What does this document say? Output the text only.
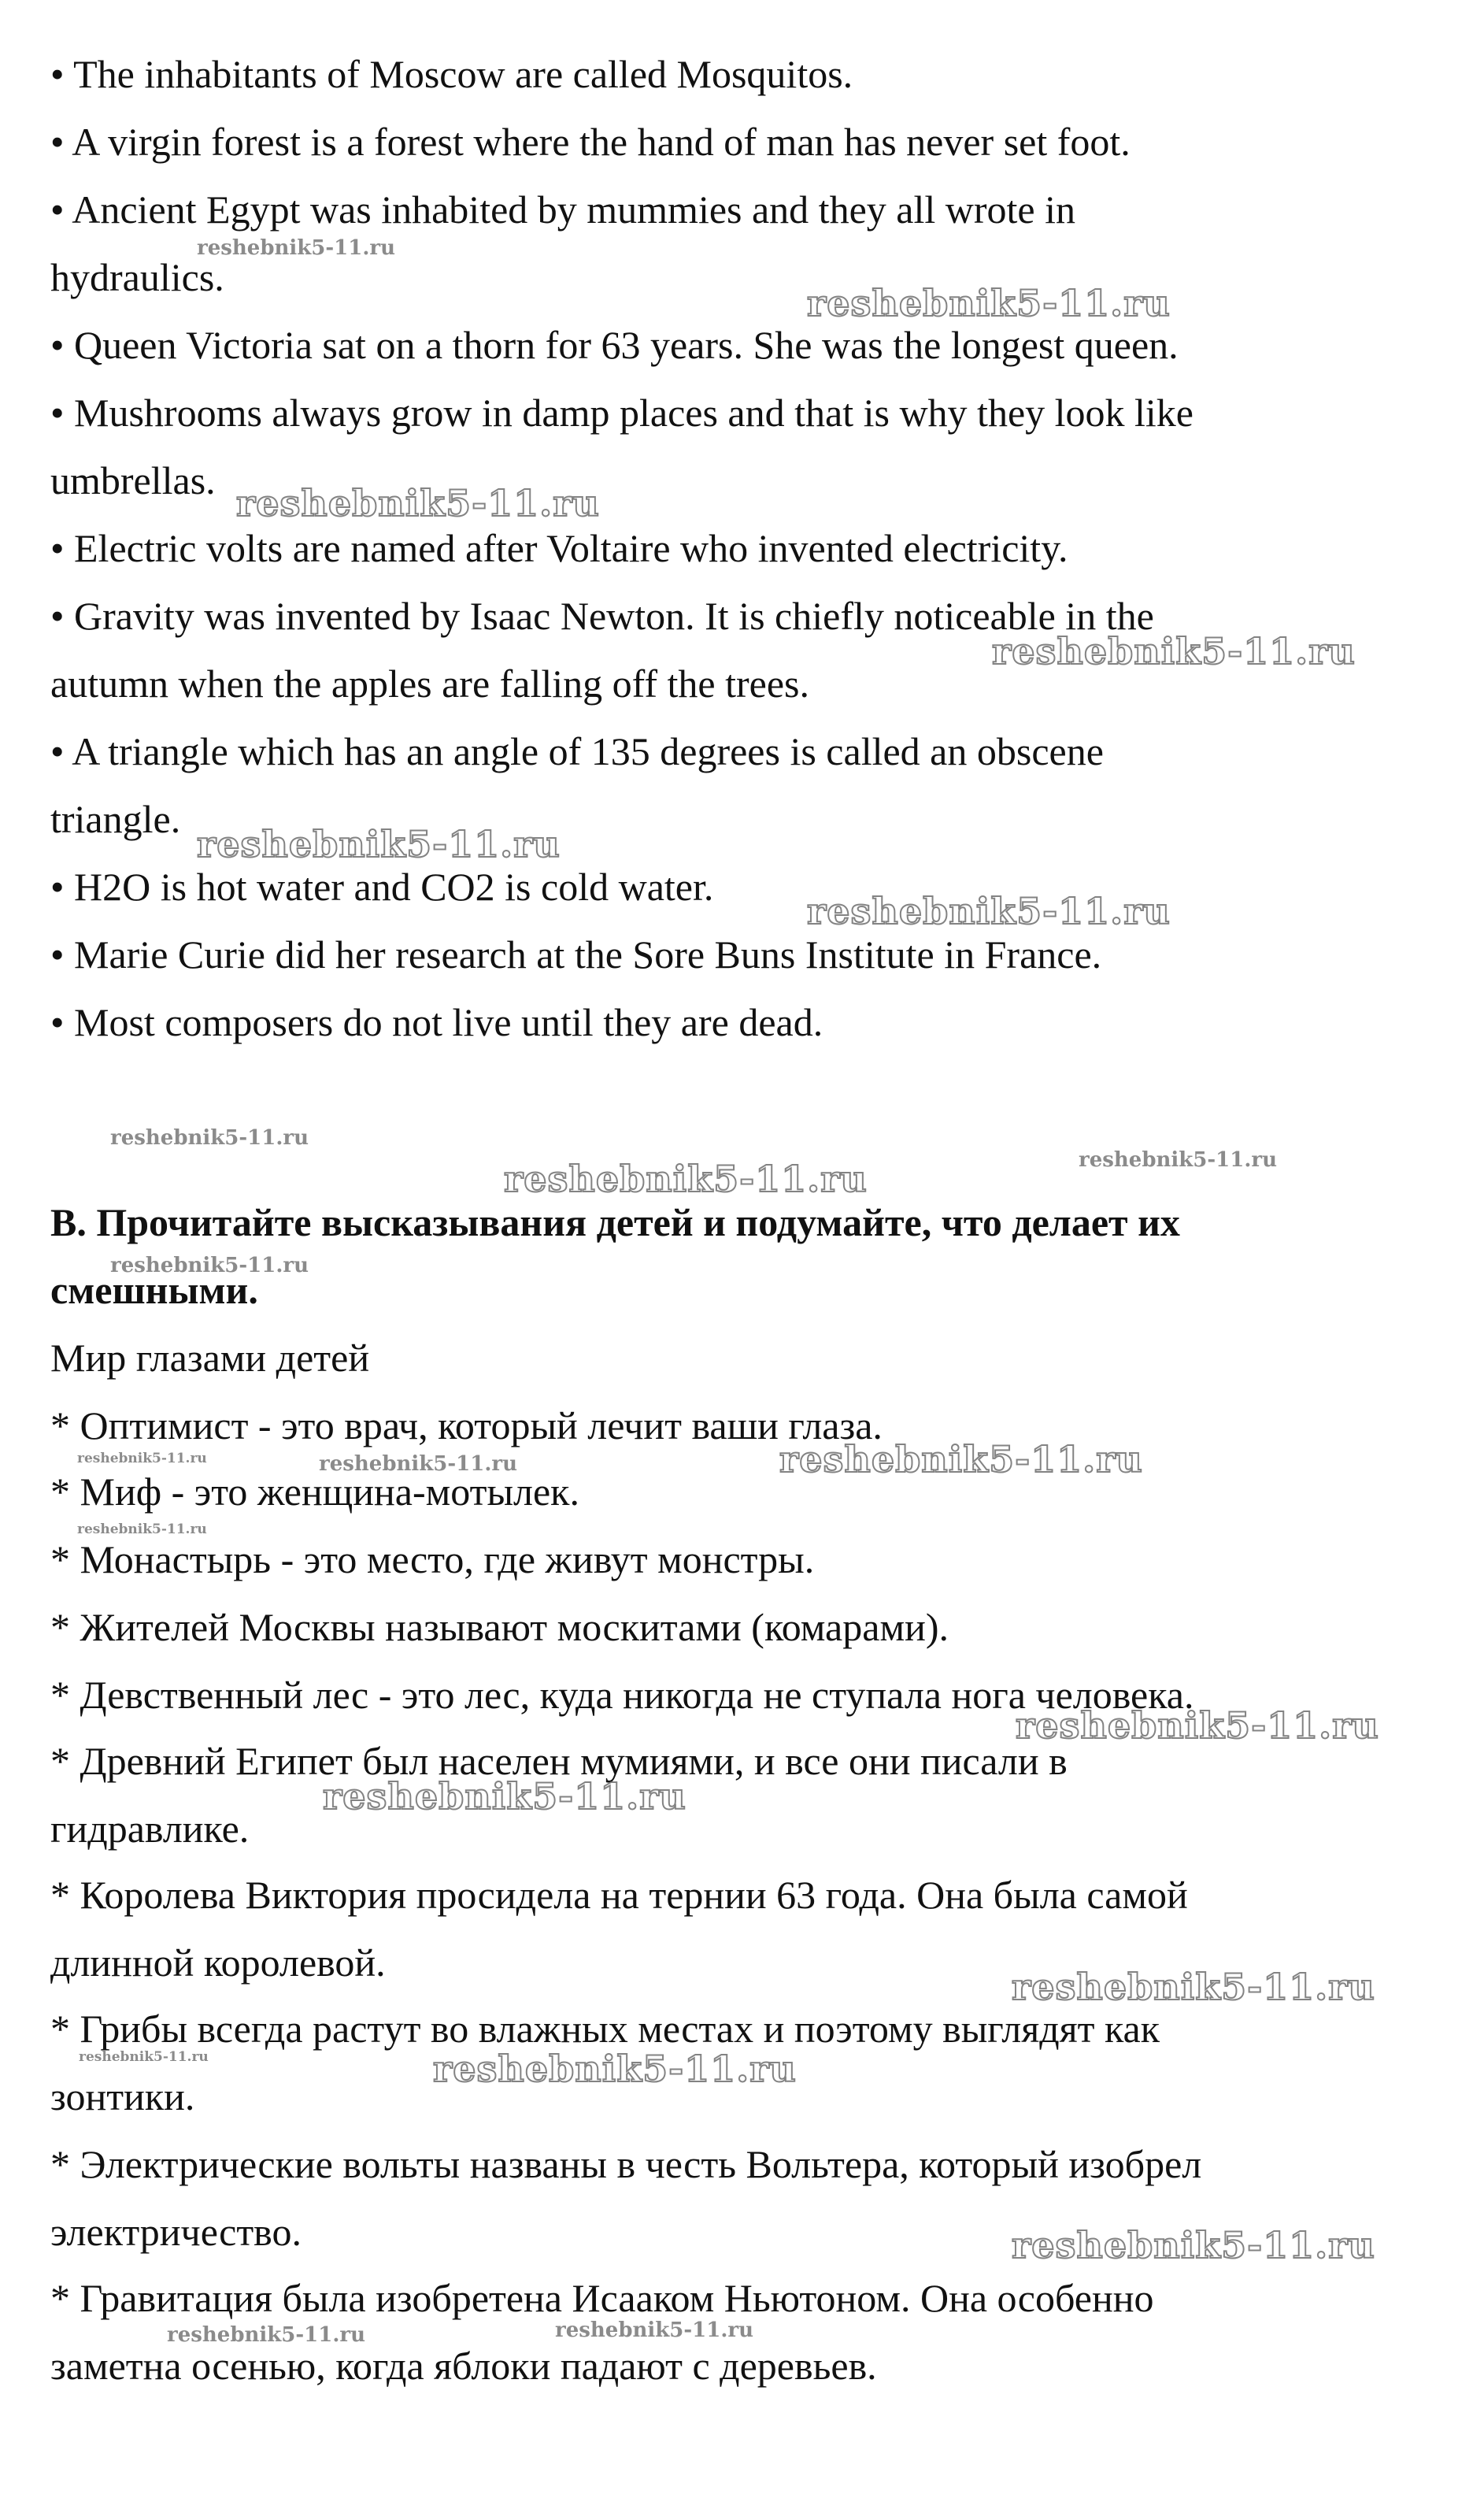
• The inhabitants of Moscow are called Mosquitos.
• A virgin forest is a forest where the hand of man has never set foot.
• Ancient Egypt was inhabited by mummies and they all wrote in
hydraulics.
• Queen Victoria sat on a thorn for 63 years. She was the longest queen.
• Mushrooms always grow in damp places and that is why they look like
umbrellas.
• Electric volts are named after Voltaire who invented electricity.
• Gravity was invented by Isaac Newton. It is chiefly noticeable in the
autumn when the apples are falling off the trees.
• A triangle which has an angle of 135 degrees is called an obscene
triangle.
• H2O is hot water and CO2 is cold water.
• Marie Curie did her research at the Sore Buns Institute in France.
• Most composers do not live until they are dead.
B. Прочитайте высказывания детей и подумайте, что делает их
смешными.
Мир глазами детей
* Оптимист - это врач, который лечит ваши глаза.
* Миф - это женщина-мотылек.
* Монастырь - это место, где живут монстры.
* Жителей Москвы называют москитами (комарами).
* Девственный лес - это лес, куда никогда не ступала нога человека.
* Древний Египет был населен мумиями, и все они писали в
гидравлике.
* Королева Виктория просидела на тернии 63 года. Она была самой
длинной королевой.
* Грибы всегда растут во влажных местах и поэтому выглядят как
зонтики.
* Электрические вольты названы в честь Вольтера, который изобрел
электричество.
* Гравитация была изобретена Исааком Ньютоном. Она особенно
заметна осенью, когда яблоки падают с деревьев.
reshebnik5-11.ru
reshebnik5-11.ru
reshebnik5-11.ru
reshebnik5-11.ru
reshebnik5-11.ru
reshebnik5-11.ru
reshebnik5-11.ru
reshebnik5-11.ru	reshebnik5-11.ru
reshebnik5-11.ru
reshebnik5-11.ru
reshebnik5-11.ru	reshebnik5-11.ru
reshebnik5-11.ru
reshebnik5-11.ru
reshebnik5-11.ru
reshebnik5-11.ru
reshebnik5-11.ru	reshebnik5-11.ru
reshebnik5-11.ru
reshebnik5-11.ru	reshebnik5-11.ru
